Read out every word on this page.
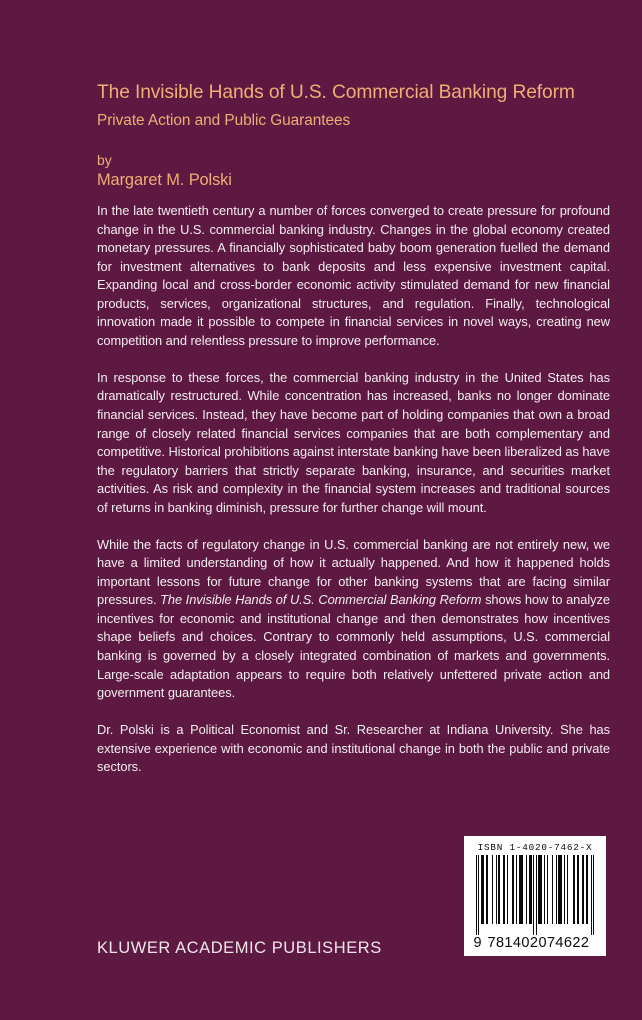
The Invisible Hands of U.S. Commercial Banking Reform
Private Action and Public Guarantees
by
Margaret M. Polski

In the late twentieth century a number of forces converged to create pressure for profound change in the U.S. commercial banking industry. Changes in the global economy created monetary pressures. A financially sophisticated baby boom generation fuelled the demand for investment alternatives to bank deposits and less expensive investment capital. Expanding local and cross-border economic activity stimulated demand for new financial products, services, organizational structures, and regulation. Finally, technological innovation made it possible to compete in financial services in novel ways, creating new competition and relentless pressure to improve performance.

In response to these forces, the commercial banking industry in the United States has dramatically restructured. While concentration has increased, banks no longer dominate financial services. Instead, they have become part of holding companies that own a broad range of closely related financial services companies that are both complementary and competitive. Historical prohibitions against interstate banking have been liberalized as have the regulatory barriers that strictly separate banking, insurance, and securities market activities. As risk and complexity in the financial system increases and traditional sources of returns in banking diminish, pressure for further change will mount.

While the facts of regulatory change in U.S. commercial banking are not entirely new, we have a limited understanding of how it actually happened. And how it happened holds important lessons for future change for other banking systems that are facing similar pressures. The Invisible Hands of U.S. Commercial Banking Reform shows how to analyze incentives for economic and institutional change and then demonstrates how incentives shape beliefs and choices. Contrary to commonly held assumptions, U.S. commercial banking is governed by a closely integrated combination of markets and governments. Large-scale adaptation appears to require both relatively unfettered private action and government guarantees.

Dr. Polski is a Political Economist and Sr. Researcher at Indiana University. She has extensive experience with economic and institutional change in both the public and private sectors.

KLUWER ACADEMIC PUBLISHERS
ISBN 1-4020-7462-X
9 781402 074622
